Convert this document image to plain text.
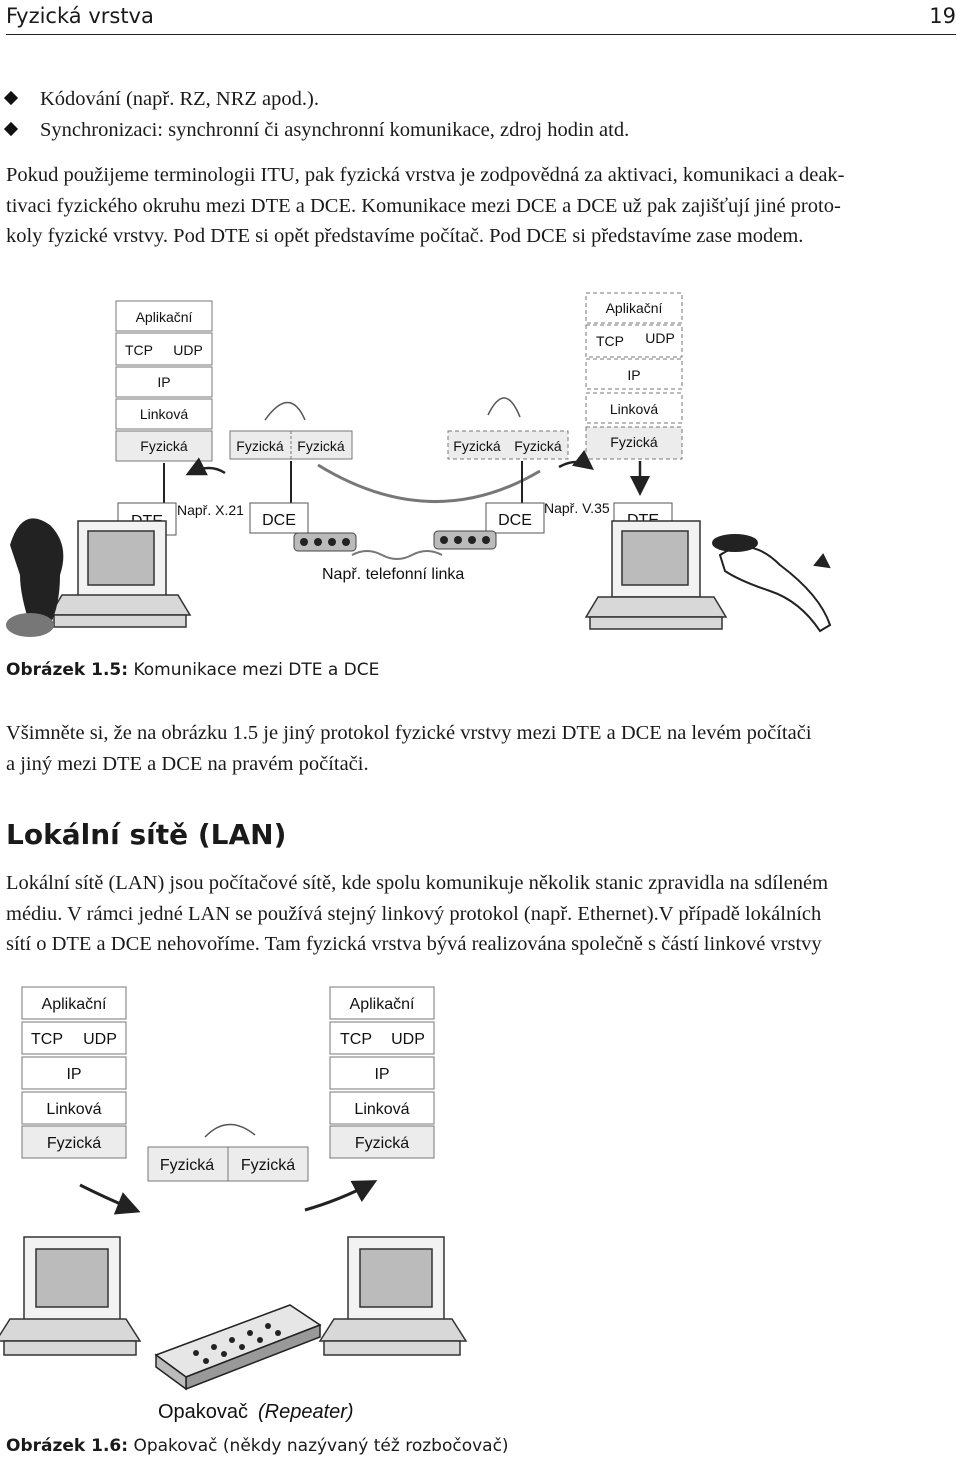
Fyzická vrstva	19
Kódování (např. RZ, NRZ apod.).
Synchronizaci: synchronní či asynchronní komunikace, zdroj hodin atd.
Pokud použijeme terminologii ITU, pak fyzická vrstva je zodpovědná za aktivaci, komunikaci a deak-
tivaci fyzického okruhu mezi DTE a DCE. Komunikace mezi DCE a DCE už pak zajišťují jiné proto-
koly fyzické vrstvy. Pod DTE si opět představíme počítač. Pod DCE si představíme zase modem.
Aplikační
TCP UDP
IP
Linková
Fyzická	Fyzická Fyzická	Fyzická Fyzická
Aplikační
TCP UDP
IP
Linková
Fyzická
Např. X.21
DCE	DCE
Např. V.35
Např. telefonní linka
Obrázek 1.5: Komunikace mezi DTE a DCE
Všimněte si, že na obrázku 1.5 je jiný protokol fyzické vrstvy mezi DTE a DCE na levém počítači
a jiný mezi DTE a DCE na pravém počítači.
Lokální sítě (LAN)
Lokální sítě (LAN) jsou počítačové sítě, kde spolu komunikuje několik stanic zpravidla na sdíleném
médiu. V rámci jedné LAN se používá stejný linkový protokol (např. Ethernet).V případě lokálních
sítí o DTE a DCE nehovoříme. Tam fyzická vrstva bývá realizována společně s částí linkové vrstvy
Aplikační
TCP UDP
IP
Linková
Fyzická
Aplikační
TCP UDP
IP
Linková
Fyzická
Fyzická Fyzická
Opakovač (Repeater)
Obrázek 1.6: Opakovač (někdy nazývaný též rozbočovač)
